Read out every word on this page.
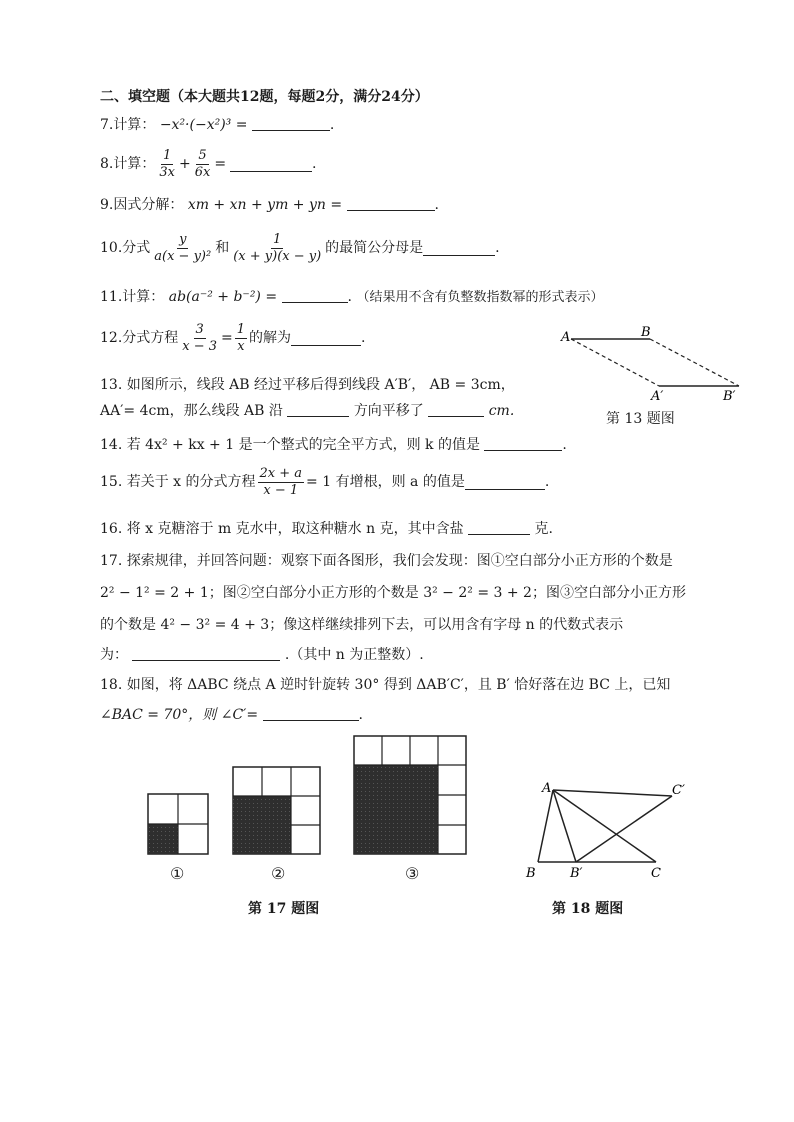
二、填空题（本大题共12题，每题2分，满分24分）
7.计算： −x²·(−x²)³ =	.
8. 计算： $\frac{1}{3x} + \frac{5}{6x}$ =	.
9.因式分解： xm + xn + ym + yn =	.
10. 分式 $\frac{y}{\text{a(x − y)²}}$ 和 $\frac{1}{(x + y)(x - y)}$ 的最简公分母是	.
11.计算： ab(a⁻² + b⁻²) =	. （结果用不含有负整数指数幂的形式表示）
12. 分式方程 $\frac{3}{x - 3} = \frac{1}{x}$ 的解为	.	A	B
A′	B′
13. 如图所示，线段 AB 经过平移后得到线段 A′B′， AB = 3cm，
AA′= 4cm，那么线段 AB 沿	方向平移了	cm.	第 13 题图
14. 若 4x² + kx + 1 是一个整式的完全平方式，则 k 的值是	.
15. 若关于 x 的分式方程 $\frac{2x + a}{x - 1} = 1$ 有增根，则 a 的值是	.
16. 将 x 克糖溶于 m 克水中，取这种糖水 n 克，其中含盐	克.
17. 探索规律，并回答问题：观察下面各图形，我们会发现：图①空白部分小正方形的个数是
2² − 1² = 2 + 1；图②空白部分小正方形的个数是 3² − 2² = 3 + 2；图③空白部分小正方形
的个数是 4² − 3² = 4 + 3；像这样继续排列下去，可以用含有字母 n 的代数式表示
为：	.（其中 n 为正整数）.
18. 如图，将 ΔABC 绕点 A 逆时针旋转 30° 得到 ΔAB′C′，且 B′ 恰好落在边 BC 上，已知
∠BAC = 70°，则 ∠C′=	.
①	②	③
第 17 题图
A
B	B′	C
C′
第 18 题图
